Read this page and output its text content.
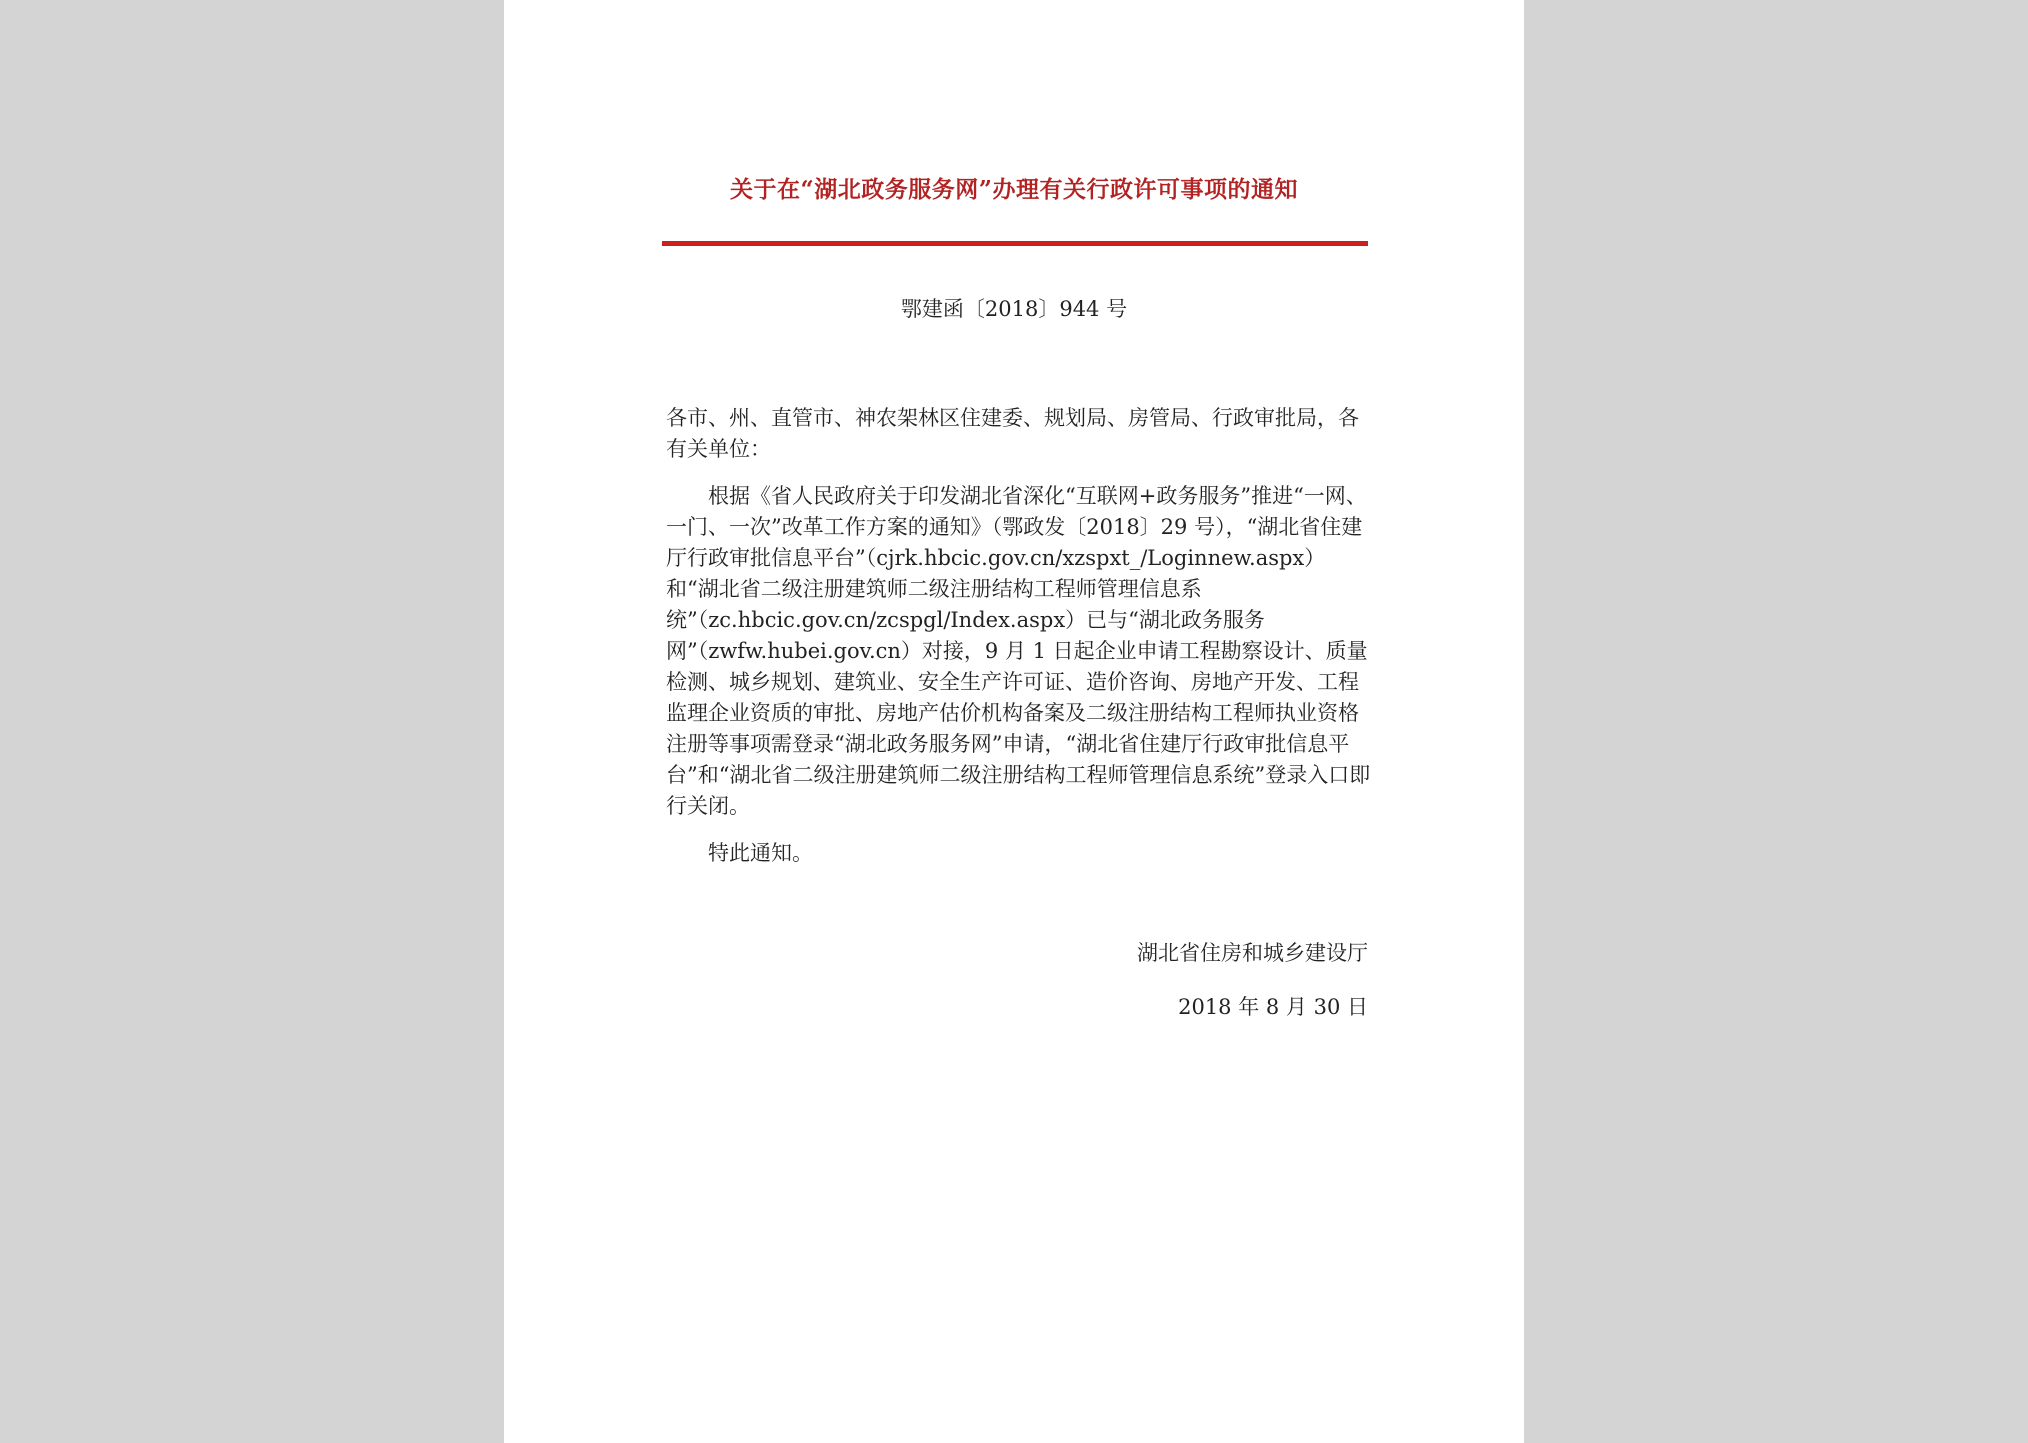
关于在“湖北政务服务网”办理有关行政许可事项的通知
鄂建函〔2018〕944 号

各市、州、直管市、神农架林区住建委、规划局、房管局、行政审批局，各有关单位：

根据《省人民政府关于印发湖北省深化“互联网+政务服务”推进“一网、一门、一次”改革工作方案的通知》（鄂政发〔2018〕29 号），“湖北省住建厅行政审批信息平台”（cjrk.hbcic.gov.cn/xzspxt_/Loginnew.aspx）和“湖北省二级注册建筑师二级注册结构工程师管理信息系统”（zc.hbcic.gov.cn/zcspgl/Index.aspx）已与“湖北政务服务网”（zwfw.hubei.gov.cn）对接，9 月 1 日起企业申请工程勘察设计、质量检测、城乡规划、建筑业、安全生产许可证、造价咨询、房地产开发、工程监理企业资质的审批、房地产估价机构备案及二级注册结构工程师执业资格注册等事项需登录“湖北政务服务网”申请，“湖北省住建厅行政审批信息平台”和“湖北省二级注册建筑师二级注册结构工程师管理信息系统”登录入口即行关闭。

特此通知。

湖北省住房和城乡建设厅
2018 年 8 月 30 日
